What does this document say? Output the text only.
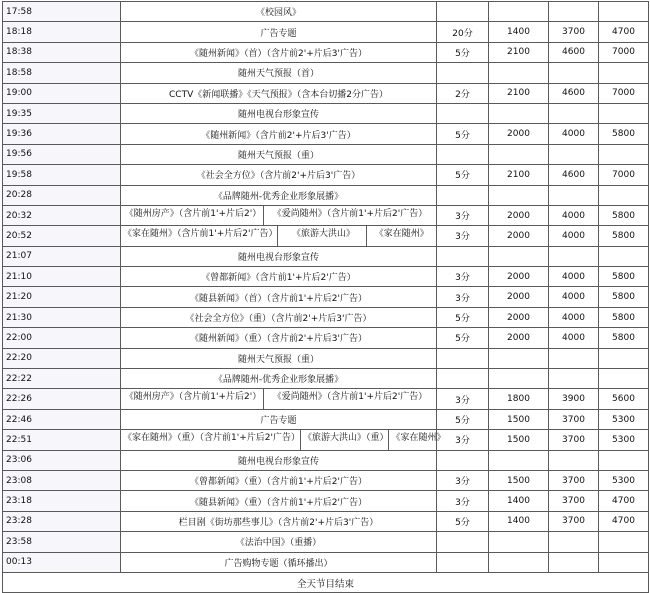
17:58	《校园风》				
18:18	广告专题	20分	1400	3700	4700
18:38	《随州新闻》（首）（含片前2'+片后3'广告）	5分	2100	4600	7000
18:58	随州天气预报（首）				
19:00	CCTV《新闻联播》《天气预报》（含本台切播2分广告）	2分	2100	4600	7000
19:35	随州电视台形象宣传				
19:36	《随州新闻》（含片前2'+片后3'广告）	5分	2000	4000	5800
19:56	随州天气预报（重）				
19:58	《社会全方位》（含片前2'+片后3'广告）	5分	2100	4600	7000
20:28	《品牌随州-优秀企业形象展播》				
20:32	《随州房产》（含片前1'+片后2'） 《爱尚随州》（含片前1'+片后2'广告）	3分	2000	4000	5800
20:52	《家在随州》（含片前1'+片后2'广告） 《旅游大洪山》 《家在随州》	3分	2000	4000	5800
21:07	随州电视台形象宣传				
21:10	《曾都新闻》（含片前1'+片后2'广告）	3分	2000	4000	5800
21:20	《随县新闻》（首）（含片前1'+片后2'广告）	3分	2000	4000	5800
21:30	《社会全方位》（重）（含片前2'+片后3'广告）	5分	2000	4000	5800
22:00	《随州新闻》（重）（含片前2'+片后3'广告）	5分	2000	4000	5800
22:20	随州天气预报（重）				
22:22	《品牌随州-优秀企业形象展播》				
22:26	《随州房产》（含片前1'+片后2'） 《爱尚随州》（含片前1'+片后2'广告）	3分	1800	3900	5600
22:46	广告专题	5分	1500	3700	5300
22:51	《家在随州》（重）（含片前1'+片后2'广告） 《旅游大洪山》（重） 《家在随州》	3分	1500	3700	5300
23:06	随州电视台形象宣传				
23:08	《曾都新闻》（重）（含片前1'+片后2'广告）	3分	1500	3700	5300
23:18	《随县新闻》（重）（含片前1'+片后2'广告）	3分	1400	3700	4700
23:28	栏目剧《街坊那些事儿》（含片前2'+片后3'广告）	5分	1400	3700	4700
23:58	《法治中国》（重播）				
00:13	广告购物专题（循环播出）				
全天节目结束					
